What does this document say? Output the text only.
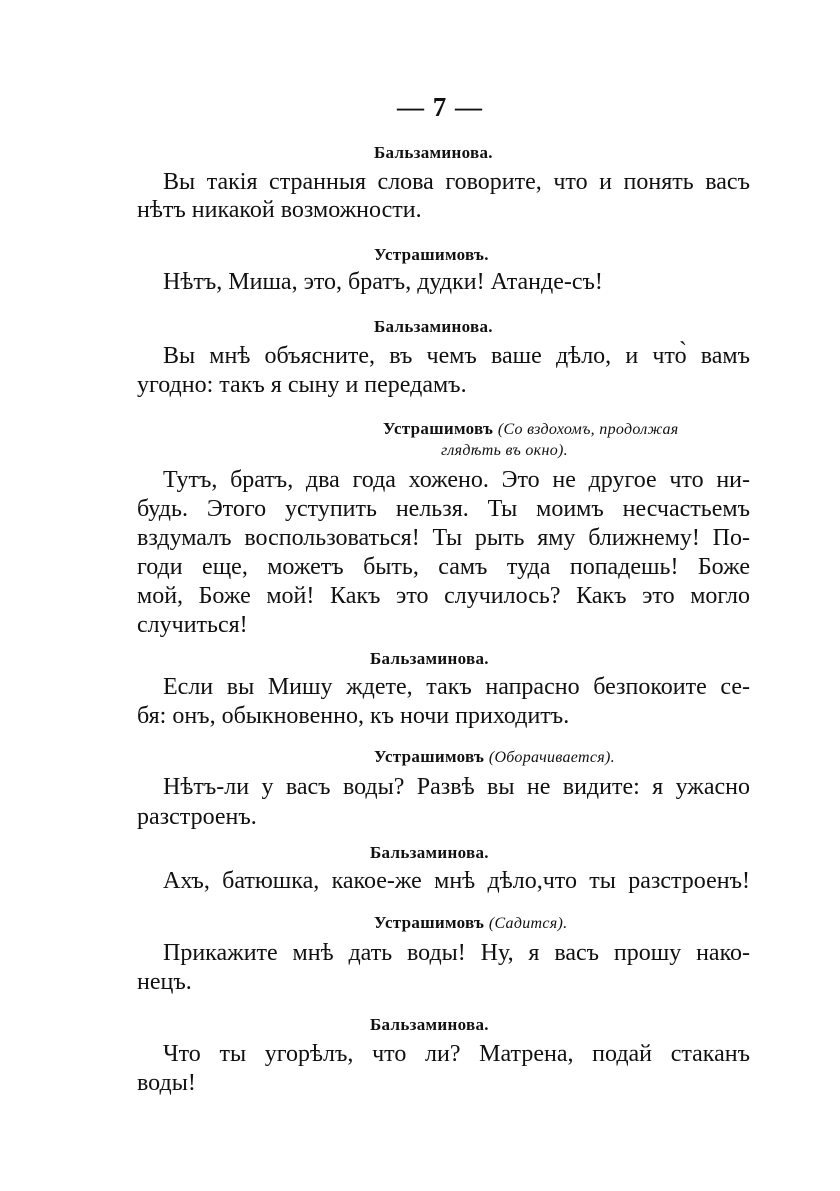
— 7 —
Бальзаминова.
Вы такія странныя слова говорите, что и понять васъ
нѣтъ никакой возможности.
Устрашимовъ.
Нѣтъ, Миша, это, братъ, дудки! Атанде-съ!
Бальзаминова.
Вы мнѣ объясните, въ чемъ ваше дѣло, и что̀ вамъ
угодно: такъ я сыну и передамъ.
Устрашимовъ (Со вздохомъ, продолжая
глядѣть въ окно).
Тутъ, братъ, два года хожено. Это не другое что ни-
будь. Этого уступить нельзя. Ты моимъ несчастьемъ
вздумалъ воспользоваться! Ты рыть яму ближнему! По-
годи еще, можетъ быть, самъ туда попадешь! Боже
мой, Боже мой! Какъ это случилось? Какъ это могло
случиться!
Бальзаминова.
Если вы Мишу ждете, такъ напрасно безпокоите се-
бя: онъ, обыкновенно, къ ночи приходитъ.
Устрашимовъ (Оборачивается).
Нѣтъ-ли у васъ воды? Развѣ вы не видите: я ужасно
разстроенъ.
Бальзаминова.
Ахъ, батюшка, какое-же мнѣ дѣло,что ты разстроенъ!
Устрашимовъ (Садится).
Прикажите мнѣ дать воды! Ну, я васъ прошу нако-
нецъ.
Бальзаминова.
Что ты угорѣлъ, что ли? Матрена, подай стаканъ
воды!
